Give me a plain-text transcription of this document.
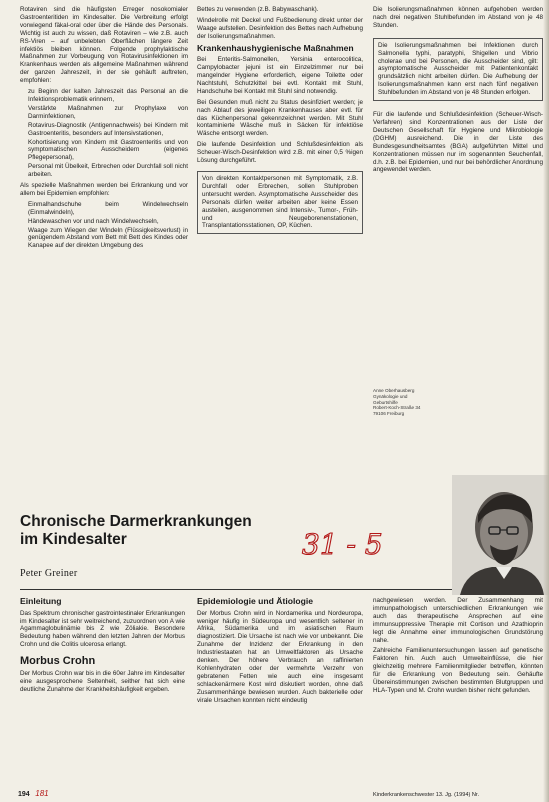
Rotaviren sind die häufigsten Erreger nosokomialer Gastroenteritiden im Kindesalter. Die Verbreitung erfolgt vorwiegend fäkal-oral oder über die Hände des Personals. Wichtig ist auch zu wissen, daß Rotaviren – wie z.B. auch RS-Viren – auf unbelebten Oberflächen längere Zeit infektiös bleiben können. Folgende prophylaktische Maßnahmen zur Vorbeugung von Rotavirusinfektionen im Krankenhaus werden als allgemeine Maßnahmen während der ganzen Jahreszeit, in der sie gehäuft auftreten, empfohlen:

• zu Beginn der kalten Jahreszeit das Personal an die Infektionsproblematik erinnern,
• Verstärkte Maßnahmen zur Prophylaxe von Darminfektionen,
• Rotavirus-Diagnostik (Antigennachweis) bei Kindern mit Gastroenteritis, besonders auf Intensivstationen,
• Kohortisierung von Kindern mit Gastroenteritis und von symptomatischen Ausscheidern (eigenes Pflegepersonal),
• Personal mit Übelkeit, Erbrechen oder Durchfall soll nicht arbeiten.

Als spezielle Maßnahmen werden bei Erkrankung und vor allem bei Epidemien empfohlen:

• Einmalhandschuhe beim Windelwechseln (Einmalwindeln),
• Händewaschen vor und nach Windelwechseln,
• Waage zum Wiegen der Windeln (Flüssigkeitsverlust) in genügendem Abstand vom Bett mit Bett des Kindes oder Kanapee auf der direkten Umgebung des

Bettes zu verwenden (z.B. Babywaschank).

Windelrolle mit Deckel und Fußbedienung direkt unter der Waage aufstellen. Desinfektion des Bettes nach Aufhebung der Isolierungsmaßnahmen.

Krankenhaushygienische Maßnahmen

Bei Enteritis-Salmonellen, Yersinia enterocolitica, Campylobacter jejuni ist ein Einzelzimmer nur bei mangelnder Hygiene erforderlich, eigene Toilette oder Nachtstuhl, Schutzkittel bei evtl. Kontakt mit Stuhl, Handschuhe bei Kontakt mit Stuhl sind notwendig.

Bei Gesunden muß nicht zu Status desinfiziert werden; je nach Ablauf des jeweiligen Krankenhauses aber evtl. für das Küchenpersonal gekennzeichnet werden. Mit Stuhl kontaminierte Wäsche muß in Säcken für infektiöse Wäsche entsorgt werden.

Die laufende Desinfektion und Schlußdesinfektion als Scheuer-Wisch-Desinfektion wird z.B. mit einer 0,5 %igen Lösung durchgeführt.

Von direkten Kontaktpersonen mit Symptomatik, z.B. Durchfall oder Erbrechen, sollen Stuhlproben untersucht werden. Asymptomatische Ausscheider des Personals dürfen weiter arbeiten aber keine Essen austeilen, ausgenommen sind Intensiv-, Tumor-, Früh- und Neugeborenenstationen, Transplantationsstationen, OP, Küchen.

Die Isolierungsmaßnahmen können aufgehoben werden nach drei negativen Stuhlbefunden im Abstand von je 48 Stunden.

Die Isolierungsmaßnahmen bei Infektionen durch Salmonella typhi, paratyphi, Shigellen und Vibrio cholerae und bei Personen, die Ausscheider sind, gilt: asymptomatische Ausscheider mit Patientenkontakt grundsätzlich nicht arbeiten dürfen. Die Aufhebung der Isolierungsmaßnahmen kann erst nach fünf negativen Stuhlbefunden im Abstand von je 48 Stunden erfolgen.

Für die laufende und Schlußdesinfektion (Scheuer-Wisch-Verfahren) sind Konzentrationen aus der Liste der Deutschen Gesellschaft für Hygiene und Mikrobiologie (DGHM) ausreichend. Die in der Liste des Bundesgesundheitsamtes (BGA) aufgeführten Mittel und Konzentrationen müssen nur im sogenannten Seuchenfall, d.h. z.B. bei Epidemien, und nur bei behördlicher Anordnung angewendet werden.

Anne Oberhausberg
Gynäkologie und Geburtshilfe
Robert-Koch-Straße 34
79106 Freiburg
Chronische Darmerkrankungen
im Kindesalter	31 - 5
Peter Greiner

Einleitung

Das Spektrum chronischer gastrointestinaler Erkrankungen im Kindesalter ist sehr weitreichend, zuzuordnen von A wie Agammaglobulinämie bis Z wie Zöliakie. Besondere Bedeutung haben während den letzten Jahren der Morbus Crohn und die Colitis ulcerosa erlangt.

Morbus Crohn

Der Morbus Crohn war bis in die 60er Jahre im Kindesalter eine ausgesprochene Seltenheit, seither hat sich eine deutliche Zunahme der Krankheitshäufigkeit ergeben.

Epidemiologie und Ätiologie

Der Morbus Crohn wird in Nordamerika und Nordeuropa, weniger häufig in Südeuropa und wesentlich seltener in Afrika, Südamerika und im asiatischen Raum diagnostiziert. Die Ursache ist nach wie vor unbekannt. Die Zunahme der Inzidenz der Erkrankung in den Industriestaaten hat an Umweltfaktoren als Ursache denken. Der höhere Verbrauch an raffinierten Kohlenhydraten oder der vermehrte Verzehr von gebratenen Fetten wie auch eine insgesamt schlackenärmere Kost wird diskutiert worden, ohne daß Zusammenhänge bewiesen wurden. Auch bakterielle oder virale Ursachen konnten nicht eindeutig

nachgewiesen werden. Der Zusammenhang mit immunpathologisch unterschiedlichen Erkrankungen wie auch das therapeutische Ansprechen auf eine immunsuppressive Therapie mit Cortison und Azathioprin legt die Annahme einer immunologischen Grundstörung nahe.

Zahlreiche Familienuntersuchungen lassen auf genetische Faktoren hin. Auch auch Umwelteinflüsse, die hier gleichzeitig mehrere Familienmitglieder betreffen, könnten für die Erkrankung von Bedeutung sein. Gehäufte Übereinstimmungen zwischen bestimmten Blutgruppen und HLA-Typen und M. Crohn wurden bisher nicht gefunden.

194 181	Kinderkrankenschwester 13. Jg. (1994) Nr.
